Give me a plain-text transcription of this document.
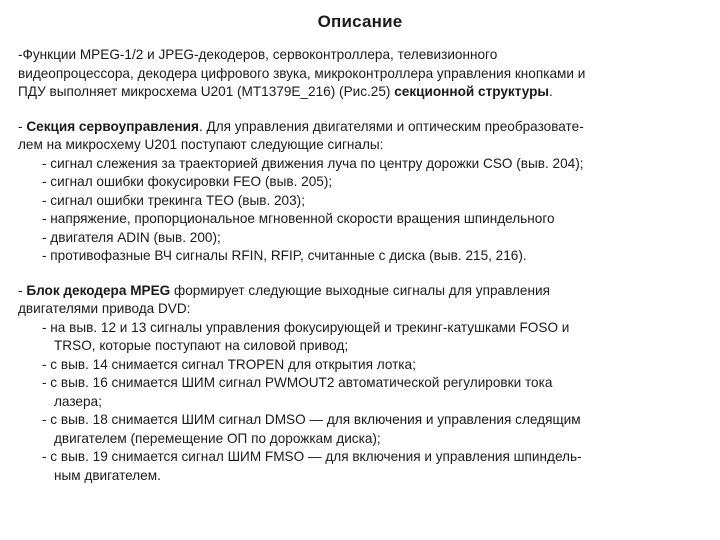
Описание
-Функции MPEG-1/2 и JPEG-декодеров, сервоконтроллера, телевизионного
видеопроцессора, декодера цифрового звука, микроконтроллера управления кнопками и
ПДУ выполняет микросхема U201 (МТ1379Е_216) (Рис.25) секционной структуры.
- Секция сервоуправления. Для управления двигателями и оптическим преобразовате-
лем на микросхему U201 поступают следующие сигналы:
- сигнал слежения за траекторией движения луча по центру дорожки CSO (выв. 204);
- сигнал ошибки фокусировки FEO (выв. 205);
- сигнал ошибки трекинга ТЕО (выв. 203);
- напряжение, пропорциональное мгновенной скорости вращения шпиндельного
- двигателя ADIN (выв. 200);
- противофазные ВЧ сигналы RFIN, RFIP, считанные с диска (выв. 215, 216).
- Блок декодера MPEG формирует следующие выходные сигналы для управления
двигателями привода DVD:
- на выв. 12 и 13 сигналы управления фокусирующей и трекинг-катушками FOSO и
TRSO, которые поступают на силовой привод;
- с выв. 14 снимается сигнал TROPEN для открытия лотка;
- с выв. 16 снимается ШИМ сигнал PWMOUT2 автоматической регулировки тока
лазера;
- с выв. 18 снимается ШИМ сигнал DMSO — для включения и управления следящим
двигателем (перемещение ОП по дорожкам диска);
- с выв. 19 снимается сигнал ШИМ FMSO — для включения и управления шпиндель-
ным двигателем.
